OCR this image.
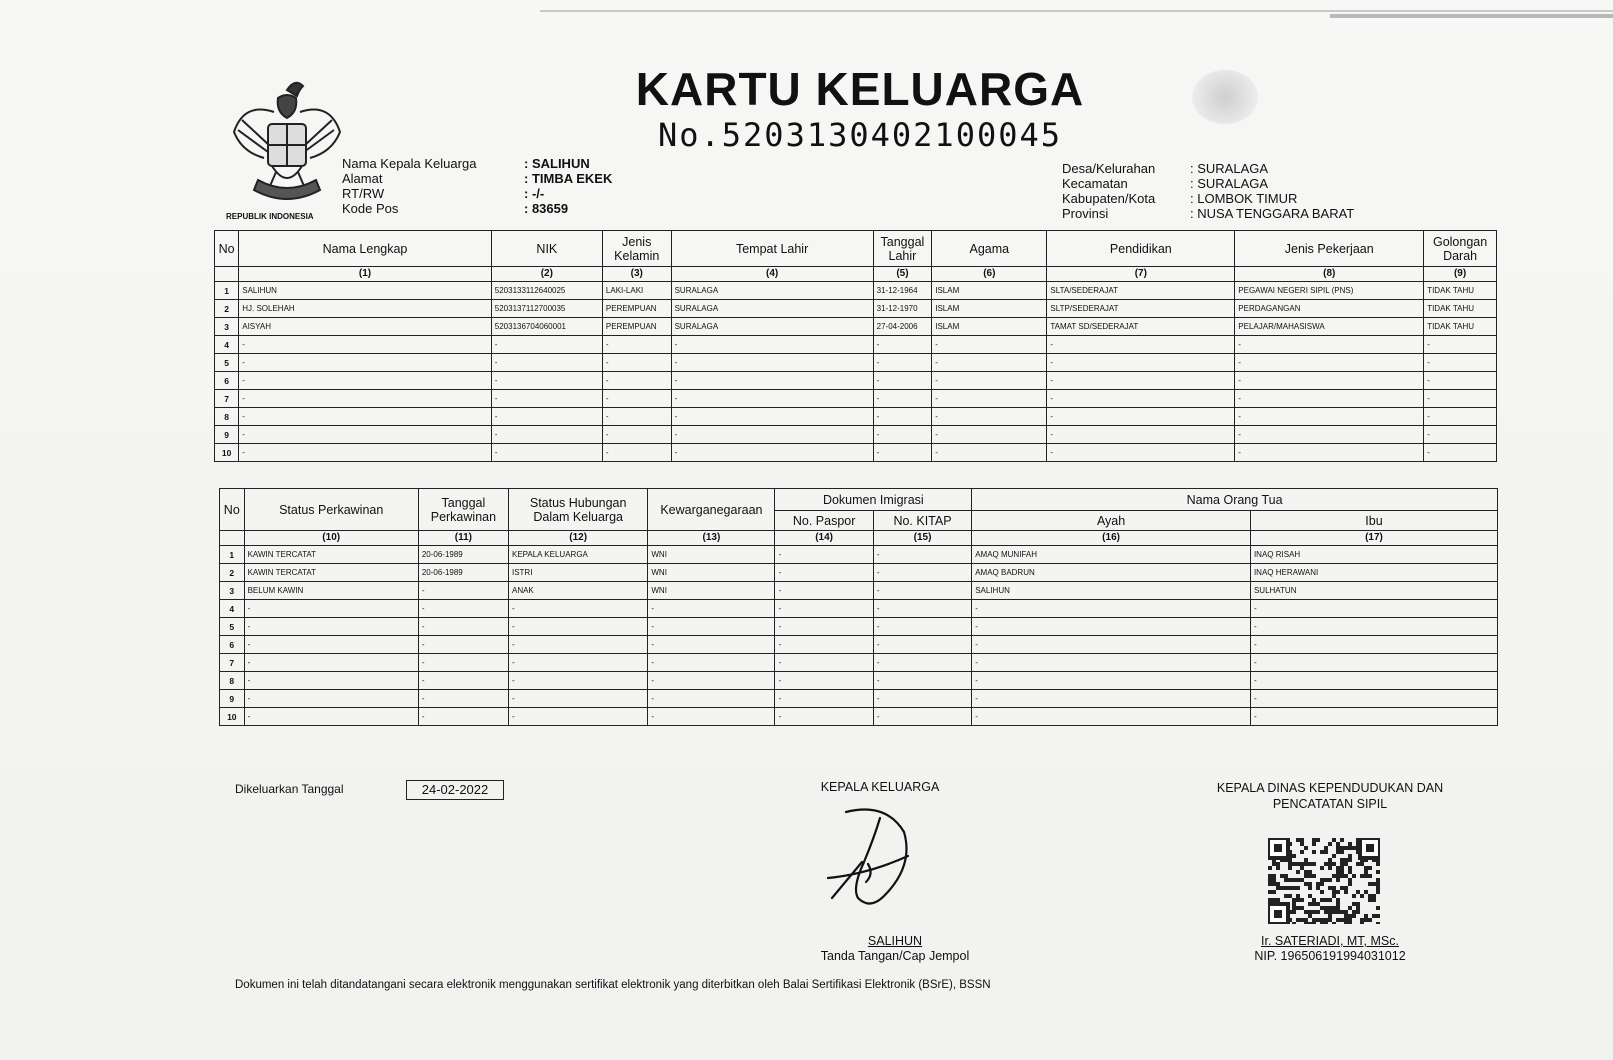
REPUBLIK INDONESIA
KARTU KELUARGA
No.5203130402100045
Nama Kepala Keluarga	: SALIHUN
Alamat	: TIMBA EKEK
RT/RW	: -/-
Kode Pos	: 83659
Desa/Kelurahan	: SURALAGA
Kecamatan	: SURALAGA
Kabupaten/Kota	: LOMBOK TIMUR
Provinsi	: NUSA TENGGARA BARAT
No	Nama Lengkap	NIK	Jenis Kelamin	Tempat Lahir	Tanggal Lahir	Agama	Pendidikan	Jenis Pekerjaan	Golongan Darah
	(1)	(2)	(3)	(4)	(5)	(6)	(7)	(8)	(9)
1	SALIHUN	5203133112640025	LAKI-LAKI	SURALAGA	31-12-1964	ISLAM	SLTA/SEDERAJAT	PEGAWAI NEGERI SIPIL (PNS)	TIDAK TAHU
2	HJ. SOLEHAH	5203137112700035	PEREMPUAN	SURALAGA	31-12-1970	ISLAM	SLTP/SEDERAJAT	PERDAGANGAN	TIDAK TAHU
3	AISYAH	5203136704060001	PEREMPUAN	SURALAGA	27-04-2006	ISLAM	TAMAT SD/SEDERAJAT	PELAJAR/MAHASISWA	TIDAK TAHU
4	-	-	-	-	-	-	-	-	-
5	-	-	-	-	-	-	-	-	-
6	-	-	-	-	-	-	-	-	-
7	-	-	-	-	-	-	-	-	-
8	-	-	-	-	-	-	-	-	-
9	-	-	-	-	-	-	-	-	-
10	-	-	-	-	-	-	-	-	-
No	Status Perkawinan	Tanggal Perkawinan	Status Hubungan Dalam Keluarga	Kewarganegaraan	Dokumen Imigrasi		Nama Orang Tua	
					No. Paspor	No. KITAP	Ayah	Ibu
	(10)	(11)	(12)	(13)	(14)	(15)	(16)	(17)
1	KAWIN TERCATAT	20-06-1989	KEPALA KELUARGA	WNI	-	-	AMAQ MUNIFAH	INAQ RISAH
2	KAWIN TERCATAT	20-06-1989	ISTRI	WNI	-	-	AMAQ BADRUN	INAQ HERAWANI
3	BELUM KAWIN	-	ANAK	WNI	-	-	SALIHUN	SULHATUN
4	-	-	-	-	-	-	-	-
5	-	-	-	-	-	-	-	-
6	-	-	-	-	-	-	-	-
7	-	-	-	-	-	-	-	-
8	-	-	-	-	-	-	-	-
9	-	-	-	-	-	-	-	-
10	-	-	-	-	-	-	-	-
Dikeluarkan Tanggal	24-02-2022	KEPALA KELUARGA
SALIHUN
Tanda Tangan/Cap Jempol
KEPALA DINAS KEPENDUDUKAN DAN
PENCATATAN SIPIL
Ir. SATERIADI, MT, MSc.
NIP. 196506191994031012
Dokumen ini telah ditandatangani secara elektronik menggunakan sertifikat elektronik yang diterbitkan oleh Balai Sertifikasi Elektronik (BSrE), BSSN
